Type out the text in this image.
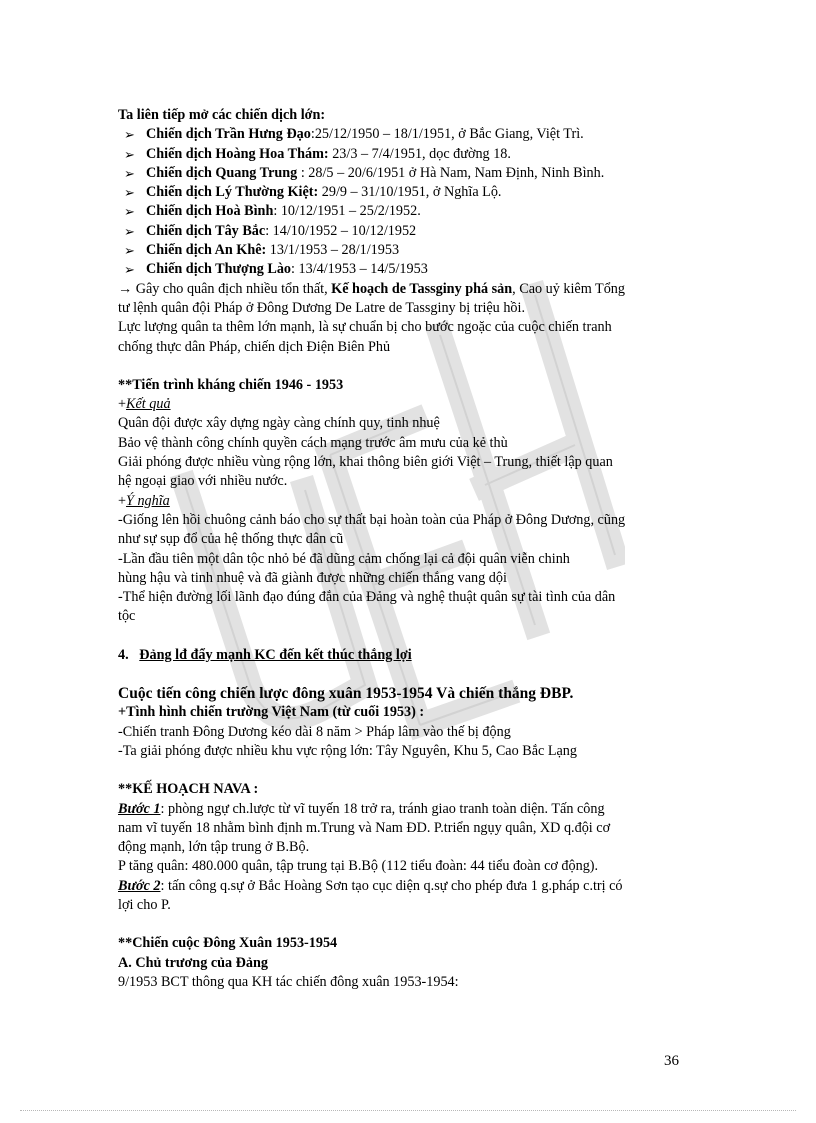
Ta liên tiếp mở các chiến dịch lớn:

➢ Chiến dịch Trần Hưng Đạo:25/12/1950 – 18/1/1951, ở Bắc Giang, Việt Trì.
➢ Chiến dịch Hoàng Hoa Thám: 23/3 – 7/4/1951, dọc đường 18.
➢ Chiến dịch Quang Trung : 28/5 – 20/6/1951 ở Hà Nam, Nam Định, Ninh Bình.
➢ Chiến dịch Lý Thường Kiệt: 29/9 – 31/10/1951, ở Nghĩa Lộ.
➢ Chiến dịch Hoà Bình: 10/12/1951 – 25/2/1952.
➢ Chiến dịch Tây Bắc: 14/10/1952 – 10/12/1952
➢ Chiến dịch An Khê: 13/1/1953 – 28/1/1953
➢ Chiến dịch Thượng Lào: 13/4/1953 – 14/5/1953

→ Gây cho quân địch nhiều tổn thất, Kế hoạch de Tassginy phá sản, Cao uỷ kiêm Tổng

tư lệnh quân đội Pháp ở Đông Dương De Latre de Tassginy bị triệu hồi.

Lực lượng quân ta thêm lớn mạnh, là sự chuẩn bị cho bước ngoặc của cuộc chiến tranh

chống thực dân Pháp, chiến dịch Điện Biên Phủ

**Tiến trình kháng chiến 1946 - 1953

+Kết quả

Quân đội được xây dựng ngày càng chính quy, tinh nhuệ

Bảo vệ thành công chính quyền cách mạng trước âm mưu của kẻ thù

Giải phóng được nhiều vùng rộng lớn, khai thông biên giới Việt – Trung, thiết lập quan

hệ ngoại giao với nhiều nước.

+Ý nghĩa

-Giống lên hồi chuông cảnh báo cho sự thất bại hoàn toàn của Pháp ở Đông Dương, cũng

như sự sụp đổ của hệ thống thực dân cũ

-Lần đầu tiên một dân tộc nhỏ bé đã dũng cảm chống lại cả đội quân viễn chinh

hùng hậu và tinh nhuệ và đã giành được những chiến thắng vang dội

-Thể hiện đường lối lãnh đạo đúng đắn của Đảng và nghệ thuật quân sự tài tình của dân

tộc

4. Đảng lđ đẩy mạnh KC đến kết thúc thắng lợi

Cuộc tiến công chiến lược đông xuân 1953-1954 Và chiến thắng ĐBP.

+Tình hình chiến trường Việt Nam (từ cuối 1953) :

-Chiến tranh Đông Dương kéo dài 8 năm > Pháp lâm vào thế bị động

-Ta giải phóng được nhiều khu vực rộng lớn: Tây Nguyên, Khu 5, Cao Bắc Lạng

**KẾ HOẠCH NAVA :

Bước 1: phòng ngự ch.lược từ vĩ tuyến 18 trở ra, tránh giao tranh toàn diện. Tấn công

nam vĩ tuyến 18 nhằm bình định m.Trung và Nam ĐD. P.triển ngụy quân, XD q.đội cơ

động mạnh, lớn tập trung ở B.Bộ.

P tăng quân: 480.000 quân, tập trung tại B.Bộ (112 tiểu đoàn: 44 tiểu đoàn cơ động).

Bước 2: tấn công q.sự ở Bắc Hoàng Sơn tạo cục diện q.sự cho phép đưa 1 g.pháp c.trị có

lợi cho P.

**Chiến cuộc Đông Xuân 1953-1954

A. Chủ trương của Đảng

9/1953 BCT thông qua KH tác chiến đông xuân 1953-1954:

36
